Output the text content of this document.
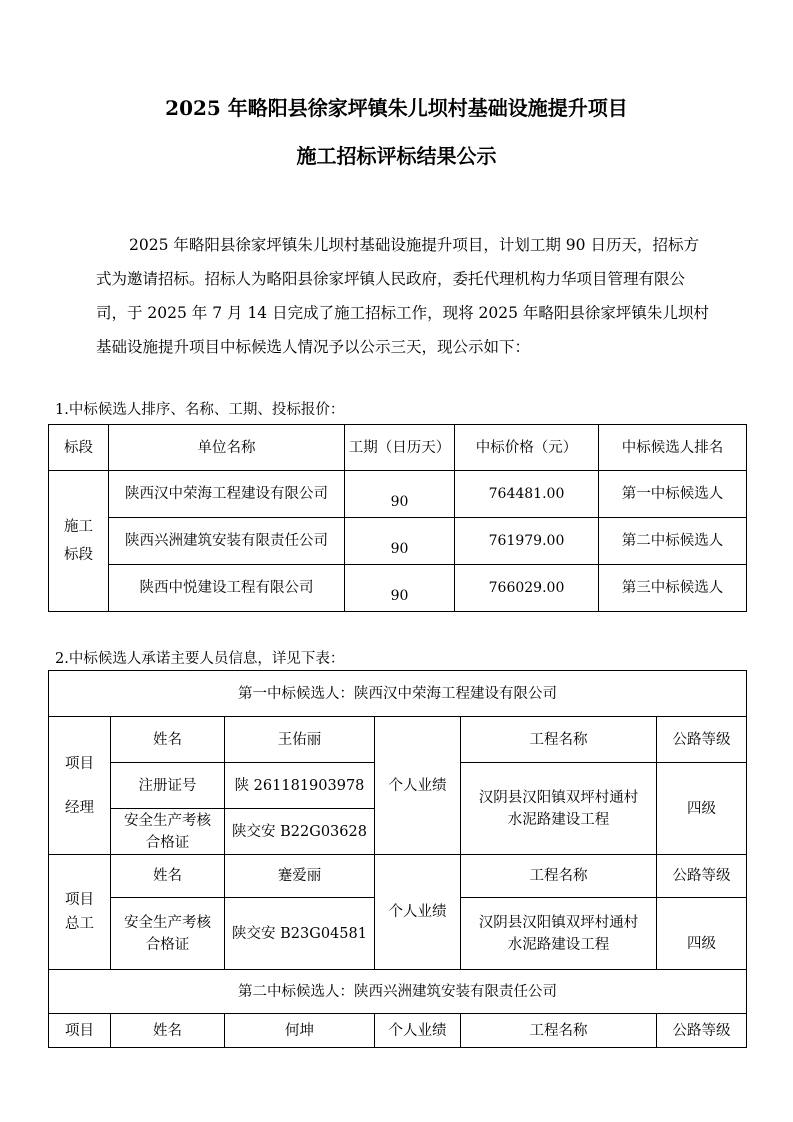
2025 年略阳县徐家坪镇朱儿坝村基础设施提升项目
施工招标评标结果公示
2025 年略阳县徐家坪镇朱儿坝村基础设施提升项目，计划工期 90 日历天，招标方
式为邀请招标。招标人为略阳县徐家坪镇人民政府，委托代理机构力华项目管理有限公
司，于 2025 年 7 月 14 日完成了施工招标工作，现将 2025 年略阳县徐家坪镇朱儿坝村
基础设施提升项目中标候选人情况予以公示三天，现公示如下：
1.中标候选人排序、名称、工期、投标报价：
标段	单位名称	工期（日历天）	中标价格（元）	中标候选人排名
施工
标段	陕西汉中荣海工程建设有限公司	90	764481.00	第一中标候选人
	陕西兴洲建筑安装有限责任公司	90	761979.00	第二中标候选人
	陕西中悦建设工程有限公司	90	766029.00	第三中标候选人
2.中标候选人承诺主要人员信息，详见下表：
第一中标候选人：陕西汉中荣海工程建设有限公司					
项目
经理	姓名	王佑丽	个人业绩	工程名称	公路等级
	注册证号	陕 261181903978		汉阴县汉阳镇双坪村通村
水泥路建设工程	四级
	安全生产考核
合格证	陕交安 B22G03628			
项目
总工	姓名	蹇爱丽	个人业绩	工程名称	公路等级
	安全生产考核
合格证	陕交安 B23G04581		汉阴县汉阳镇双坪村通村
水泥路建设工程	四级
第二中标候选人：陕西兴洲建筑安装有限责任公司					
项目	姓名	何坤	个人业绩	工程名称	公路等级
